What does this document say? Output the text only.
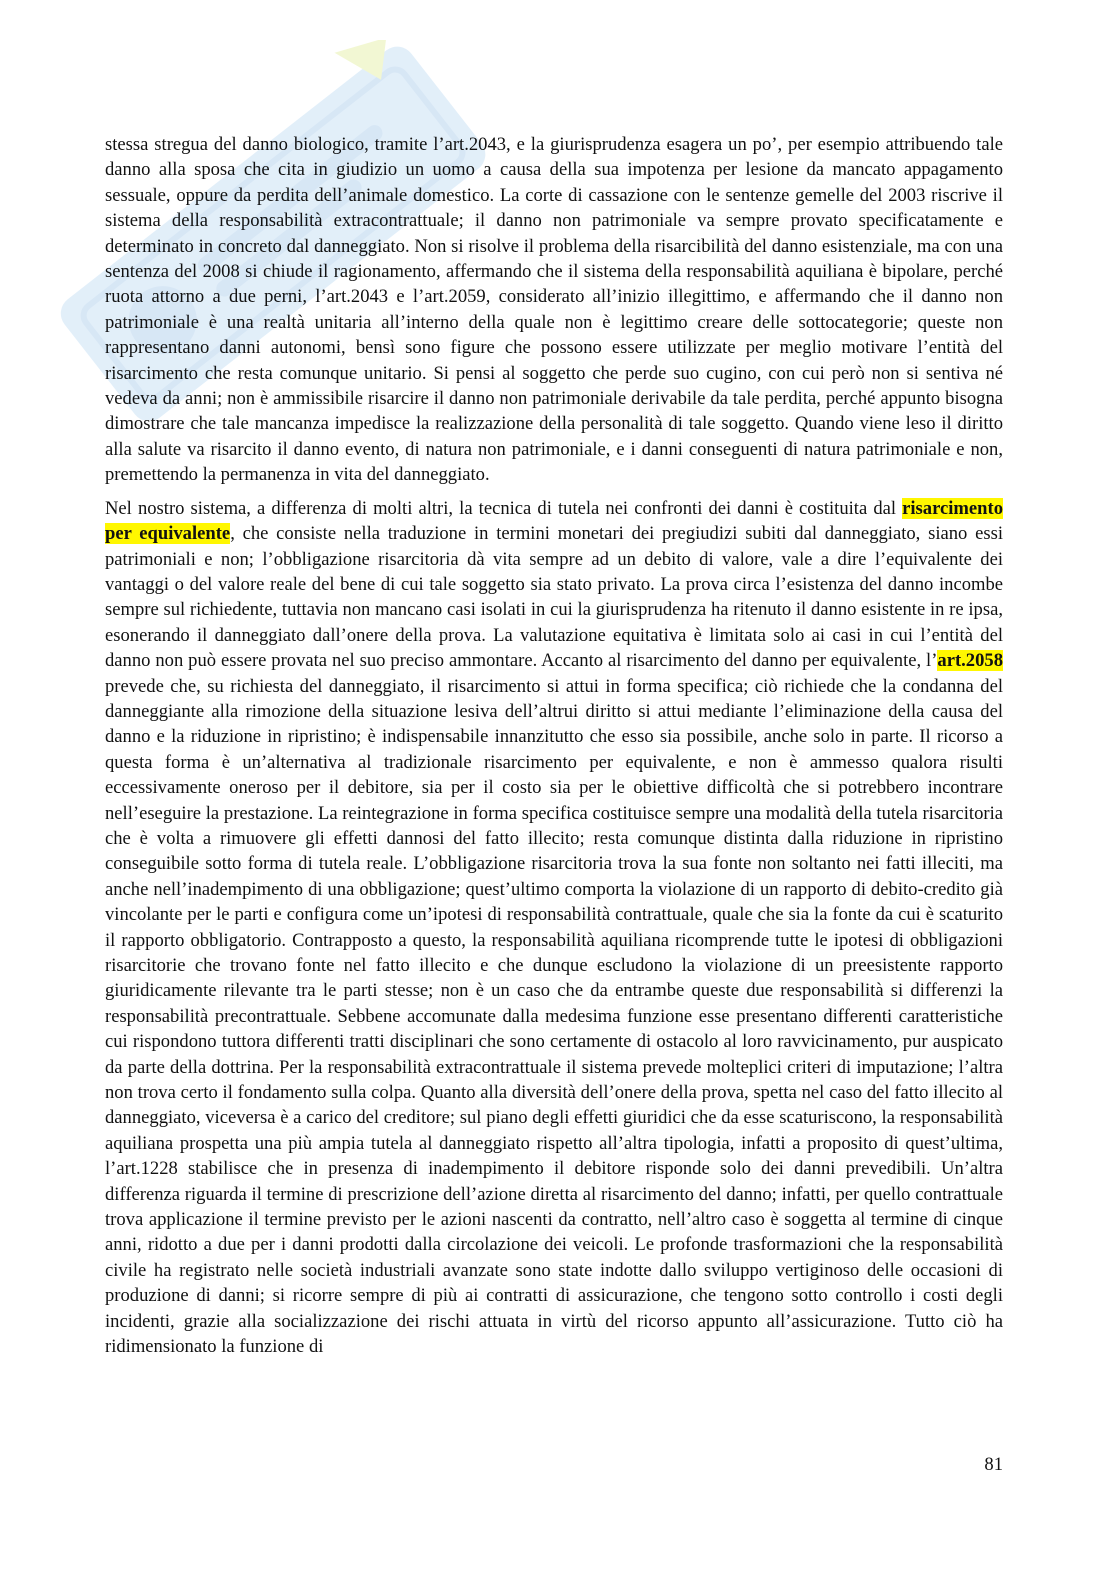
stessa stregua del danno biologico, tramite l’art.2043, e la giurisprudenza esagera un po’, per esempio attribuendo tale danno alla sposa che cita in giudizio un uomo a causa della sua impotenza per lesione da mancato appagamento sessuale, oppure da perdita dell’animale domestico. La corte di cassazione con le sentenze gemelle del 2003 riscrive il sistema della responsabilità extracontrattuale; il danno non patrimoniale va sempre provato specificatamente e determinato in concreto dal danneggiato. Non si risolve il problema della risarcibilità del danno esistenziale, ma con una sentenza del 2008 si chiude il ragionamento, affermando che il sistema della responsabilità aquiliana è bipolare, perché ruota attorno a due perni, l’art.2043 e l’art.2059, considerato all’inizio illegittimo, e affermando che il danno non patrimoniale è una realtà unitaria all’interno della quale non è legittimo creare delle sottocategorie; queste non rappresentano danni autonomi, bensì sono figure che possono essere utilizzate per meglio motivare l’entità del risarcimento che resta comunque unitario. Si pensi al soggetto che perde suo cugino, con cui però non si sentiva né vedeva da anni; non è ammissibile risarcire il danno non patrimoniale derivabile da tale perdita, perché appunto bisogna dimostrare che tale mancanza impedisce la realizzazione della personalità di tale soggetto. Quando viene leso il diritto alla salute va risarcito il danno evento, di natura non patrimoniale, e i danni conseguenti di natura patrimoniale e non, premettendo la permanenza in vita del danneggiato.

Nel nostro sistema, a differenza di molti altri, la tecnica di tutela nei confronti dei danni è costituita dal risarcimento per equivalente, che consiste nella traduzione in termini monetari dei pregiudizi subiti dal danneggiato, siano essi patrimoniali e non; l’obbligazione risarcitoria dà vita sempre ad un debito di valore, vale a dire l’equivalente dei vantaggi o del valore reale del bene di cui tale soggetto sia stato privato. La prova circa l’esistenza del danno incombe sempre sul richiedente, tuttavia non mancano casi isolati in cui la giurisprudenza ha ritenuto il danno esistente in re ipsa, esonerando il danneggiato dall’onere della prova. La valutazione equitativa è limitata solo ai casi in cui l’entità del danno non può essere provata nel suo preciso ammontare. Accanto al risarcimento del danno per equivalente, l’art.2058 prevede che, su richiesta del danneggiato, il risarcimento si attui in forma specifica; ciò richiede che la condanna del danneggiante alla rimozione della situazione lesiva dell’altrui diritto si attui mediante l’eliminazione della causa del danno e la riduzione in ripristino; è indispensabile innanzitutto che esso sia possibile, anche solo in parte. Il ricorso a questa forma è un’alternativa al tradizionale risarcimento per equivalente, e non è ammesso qualora risulti eccessivamente oneroso per il debitore, sia per il costo sia per le obiettive difficoltà che si potrebbero incontrare nell’eseguire la prestazione. La reintegrazione in forma specifica costituisce sempre una modalità della tutela risarcitoria che è volta a rimuovere gli effetti dannosi del fatto illecito; resta comunque distinta dalla riduzione in ripristino conseguibile sotto forma di tutela reale. L’obbligazione risarcitoria trova la sua fonte non soltanto nei fatti illeciti, ma anche nell’inadempimento di una obbligazione; quest’ultimo comporta la violazione di un rapporto di debito-credito già vincolante per le parti e configura come un’ipotesi di responsabilità contrattuale, quale che sia la fonte da cui è scaturito il rapporto obbligatorio. Contrapposto a questo, la responsabilità aquiliana ricomprende tutte le ipotesi di obbligazioni risarcitorie che trovano fonte nel fatto illecito e che dunque escludono la violazione di un preesistente rapporto giuridicamente rilevante tra le parti stesse; non è un caso che da entrambe queste due responsabilità si differenzi la responsabilità precontrattuale. Sebbene accomunate dalla medesima funzione esse presentano differenti caratteristiche cui rispondono tuttora differenti tratti disciplinari che sono certamente di ostacolo al loro ravvicinamento, pur auspicato da parte della dottrina. Per la responsabilità extracontrattuale il sistema prevede molteplici criteri di imputazione; l’altra non trova certo il fondamento sulla colpa. Quanto alla diversità dell’onere della prova, spetta nel caso del fatto illecito al danneggiato, viceversa è a carico del creditore; sul piano degli effetti giuridici che da esse scaturiscono, la responsabilità aquiliana prospetta una più ampia tutela al danneggiato rispetto all’altra tipologia, infatti a proposito di quest’ultima, l’art.1228 stabilisce che in presenza di inadempimento il debitore risponde solo dei danni prevedibili. Un’altra differenza riguarda il termine di prescrizione dell’azione diretta al risarcimento del danno; infatti, per quello contrattuale trova applicazione il termine previsto per le azioni nascenti da contratto, nell’altro caso è soggetta al termine di cinque anni, ridotto a due per i danni prodotti dalla circolazione dei veicoli. Le profonde trasformazioni che la responsabilità civile ha registrato nelle società industriali avanzate sono state indotte dallo sviluppo vertiginoso delle occasioni di produzione di danni; si ricorre sempre di più ai contratti di assicurazione, che tengono sotto controllo i costi degli incidenti, grazie alla socializzazione dei rischi attuata in virtù del ricorso appunto all’assicurazione. Tutto ciò ha ridimensionato la funzione di

81
